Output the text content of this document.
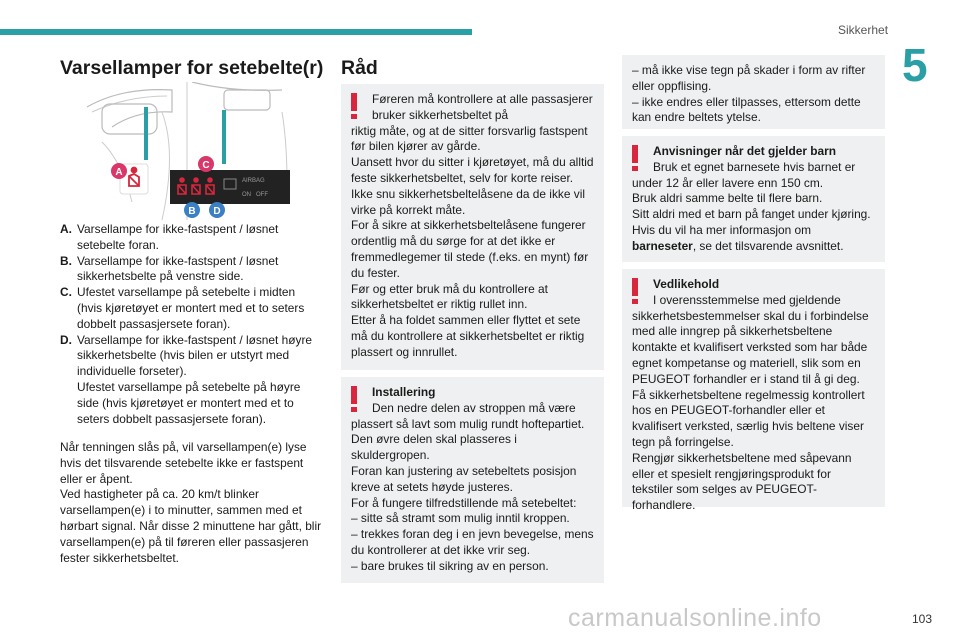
Sikkerhet
5
Varsellamper for setebelte(r)
AIRBAG
ON   OFF
A
C
B D
A. Varsellampe for ikke-fastspent / løsnet setebelte foran.
B. Varsellampe for ikke-fastspent / løsnet sikkerhetsbelte på venstre side.
C. Ufestet varsellampe på setebelte i midten (hvis kjøretøyet er montert med et to seters dobbelt passasjersete foran).
D. Varsellampe for ikke-fastspent / løsnet høyre sikkerhetsbelte (hvis bilen er utstyrt med individuelle forseter).
Ufestet varsellampe på setebelte på høyre side (hvis kjøretøyet er montert med et to seters dobbelt passasjersete foran).

Når tenningen slås på, vil varsellampen(e) lyse hvis det tilsvarende setebelte ikke er fastspent eller er åpent.

Ved hastigheter på ca. 20 km/t blinker varsellampen(e) i to minutter, sammen med et hørbart signal. Når disse 2 minuttene har gått, blir varsellampen(e) på til føreren eller passasjeren fester sikkerhetsbeltet.

Råd

Føreren må kontrollere at alle passasjerer bruker sikkerhetsbeltet på

riktig måte, og at de sitter forsvarlig fastspent før bilen kjører av gårde.

Uansett hvor du sitter i kjøretøyet, må du alltid feste sikkerhetsbeltet, selv for korte reiser.

Ikke snu sikkerhetsbeltelåsene da de ikke vil virke på korrekt måte.

For å sikre at sikkerhetsbeltelåsene fungerer ordentlig må du sørge for at det ikke er fremmedlegemer til stede (f.eks. en mynt) før du fester.

Før og etter bruk må du kontrollere at sikkerhetsbeltet er riktig rullet inn.

Etter å ha foldet sammen eller flyttet et sete må du kontrollere at sikkerhetsbeltet er riktig plassert og innrullet.

Installering

Den nedre delen av stroppen må være

plassert så lavt som mulig rundt hoftepartiet.

Den øvre delen skal plasseres i skuldergropen.

Foran kan justering av setebeltets posisjon kreve at setets høyde justeres.

For å fungere tilfredstillende må setebeltet:

– sitte så stramt som mulig inntil kroppen.

– trekkes foran deg i en jevn bevegelse, mens du kontrollerer at det ikke vrir seg.

– bare brukes til sikring av en person.

– må ikke vise tegn på skader i form av rifter eller oppflising.

– ikke endres eller tilpasses, ettersom dette kan endre beltets ytelse.

Anvisninger når det gjelder barn

Bruk et egnet barnesete hvis barnet er

under 12 år eller lavere enn 150 cm.

Bruk aldri samme belte til flere barn.

Sitt aldri med et barn på fanget under kjøring.

Hvis du vil ha mer informasjon om
barneseter, se det tilsvarende avsnittet.

Vedlikehold

I overensstemmelse med gjeldende

sikkerhetsbestemmelser skal du i forbindelse med alle inngrep på sikkerhetsbeltene kontakte et kvalifisert verksted som har både egnet kompetanse og materiell, slik som en PEUGEOT forhandler er i stand til å gi deg.

Få sikkerhetsbeltene regelmessig kontrollert hos en PEUGEOT-forhandler eller et kvalifisert verksted, særlig hvis beltene viser tegn på forringelse.

Rengjør sikkerhetsbeltene med såpevann eller et spesielt rengjøringsprodukt for tekstiler som selges av PEUGEOT-forhandlere.

carmanualsonline.info	103
